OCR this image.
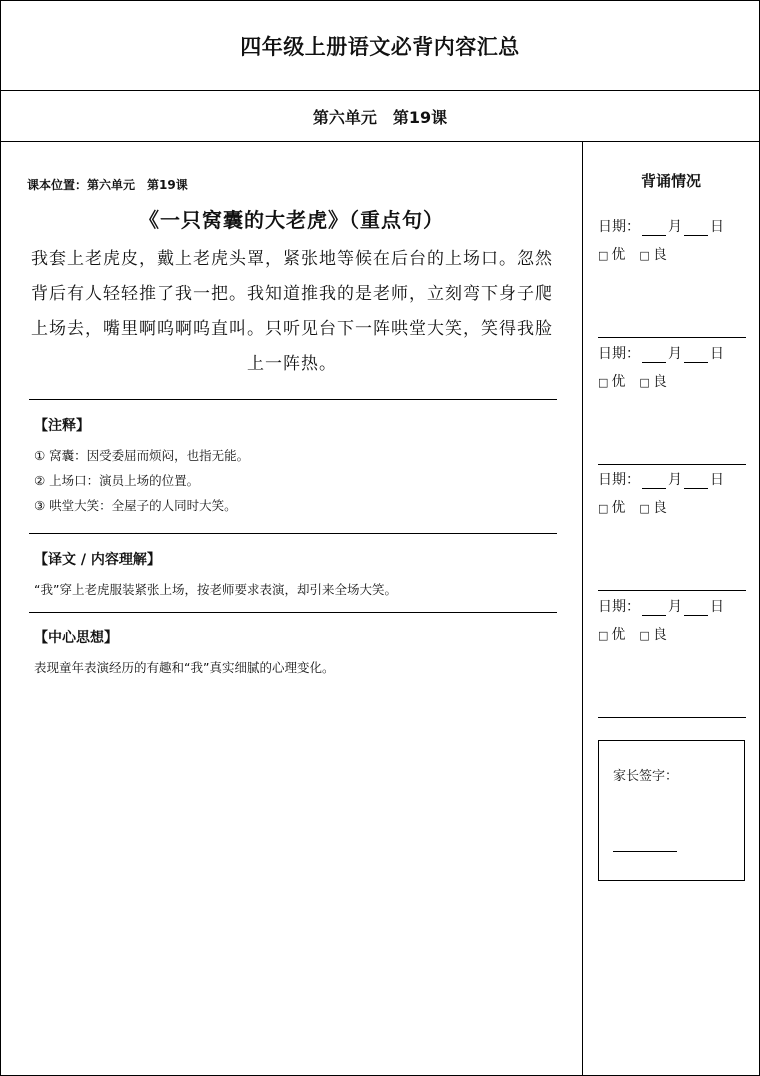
四年级上册语文必背内容汇总
第六单元 第19课
课本位置：第六单元 第19课
《一只窝囊的大老虎》（重点句）
我套上老虎皮，戴上老虎头罩，紧张地等候在后台的上场口。忽然背后有人轻轻推了我一把。我知道推我的是老师，立刻弯下身子爬上场去，嘴里啊呜啊呜直叫。只听见台下一阵哄堂大笑，笑得我脸上一阵热。
【注释】
① 窝囊：因受委屈而烦闷，也指无能。
② 上场口：演员上场的位置。
③ 哄堂大笑：全屋子的人同时大笑。
【译文 / 内容理解】
“我”穿上老虎服装紧张上场，按老师要求表演，却引来全场大笑。
【中心思想】
表现童年表演经历的有趣和“我”真实细腻的心理变化。
背诵情况
日期： 月 日
□ 优 □ 良
日期： 月 日
□ 优 □ 良
日期： 月 日
□ 优 □ 良
日期： 月 日
□ 优 □ 良
家长签字：
